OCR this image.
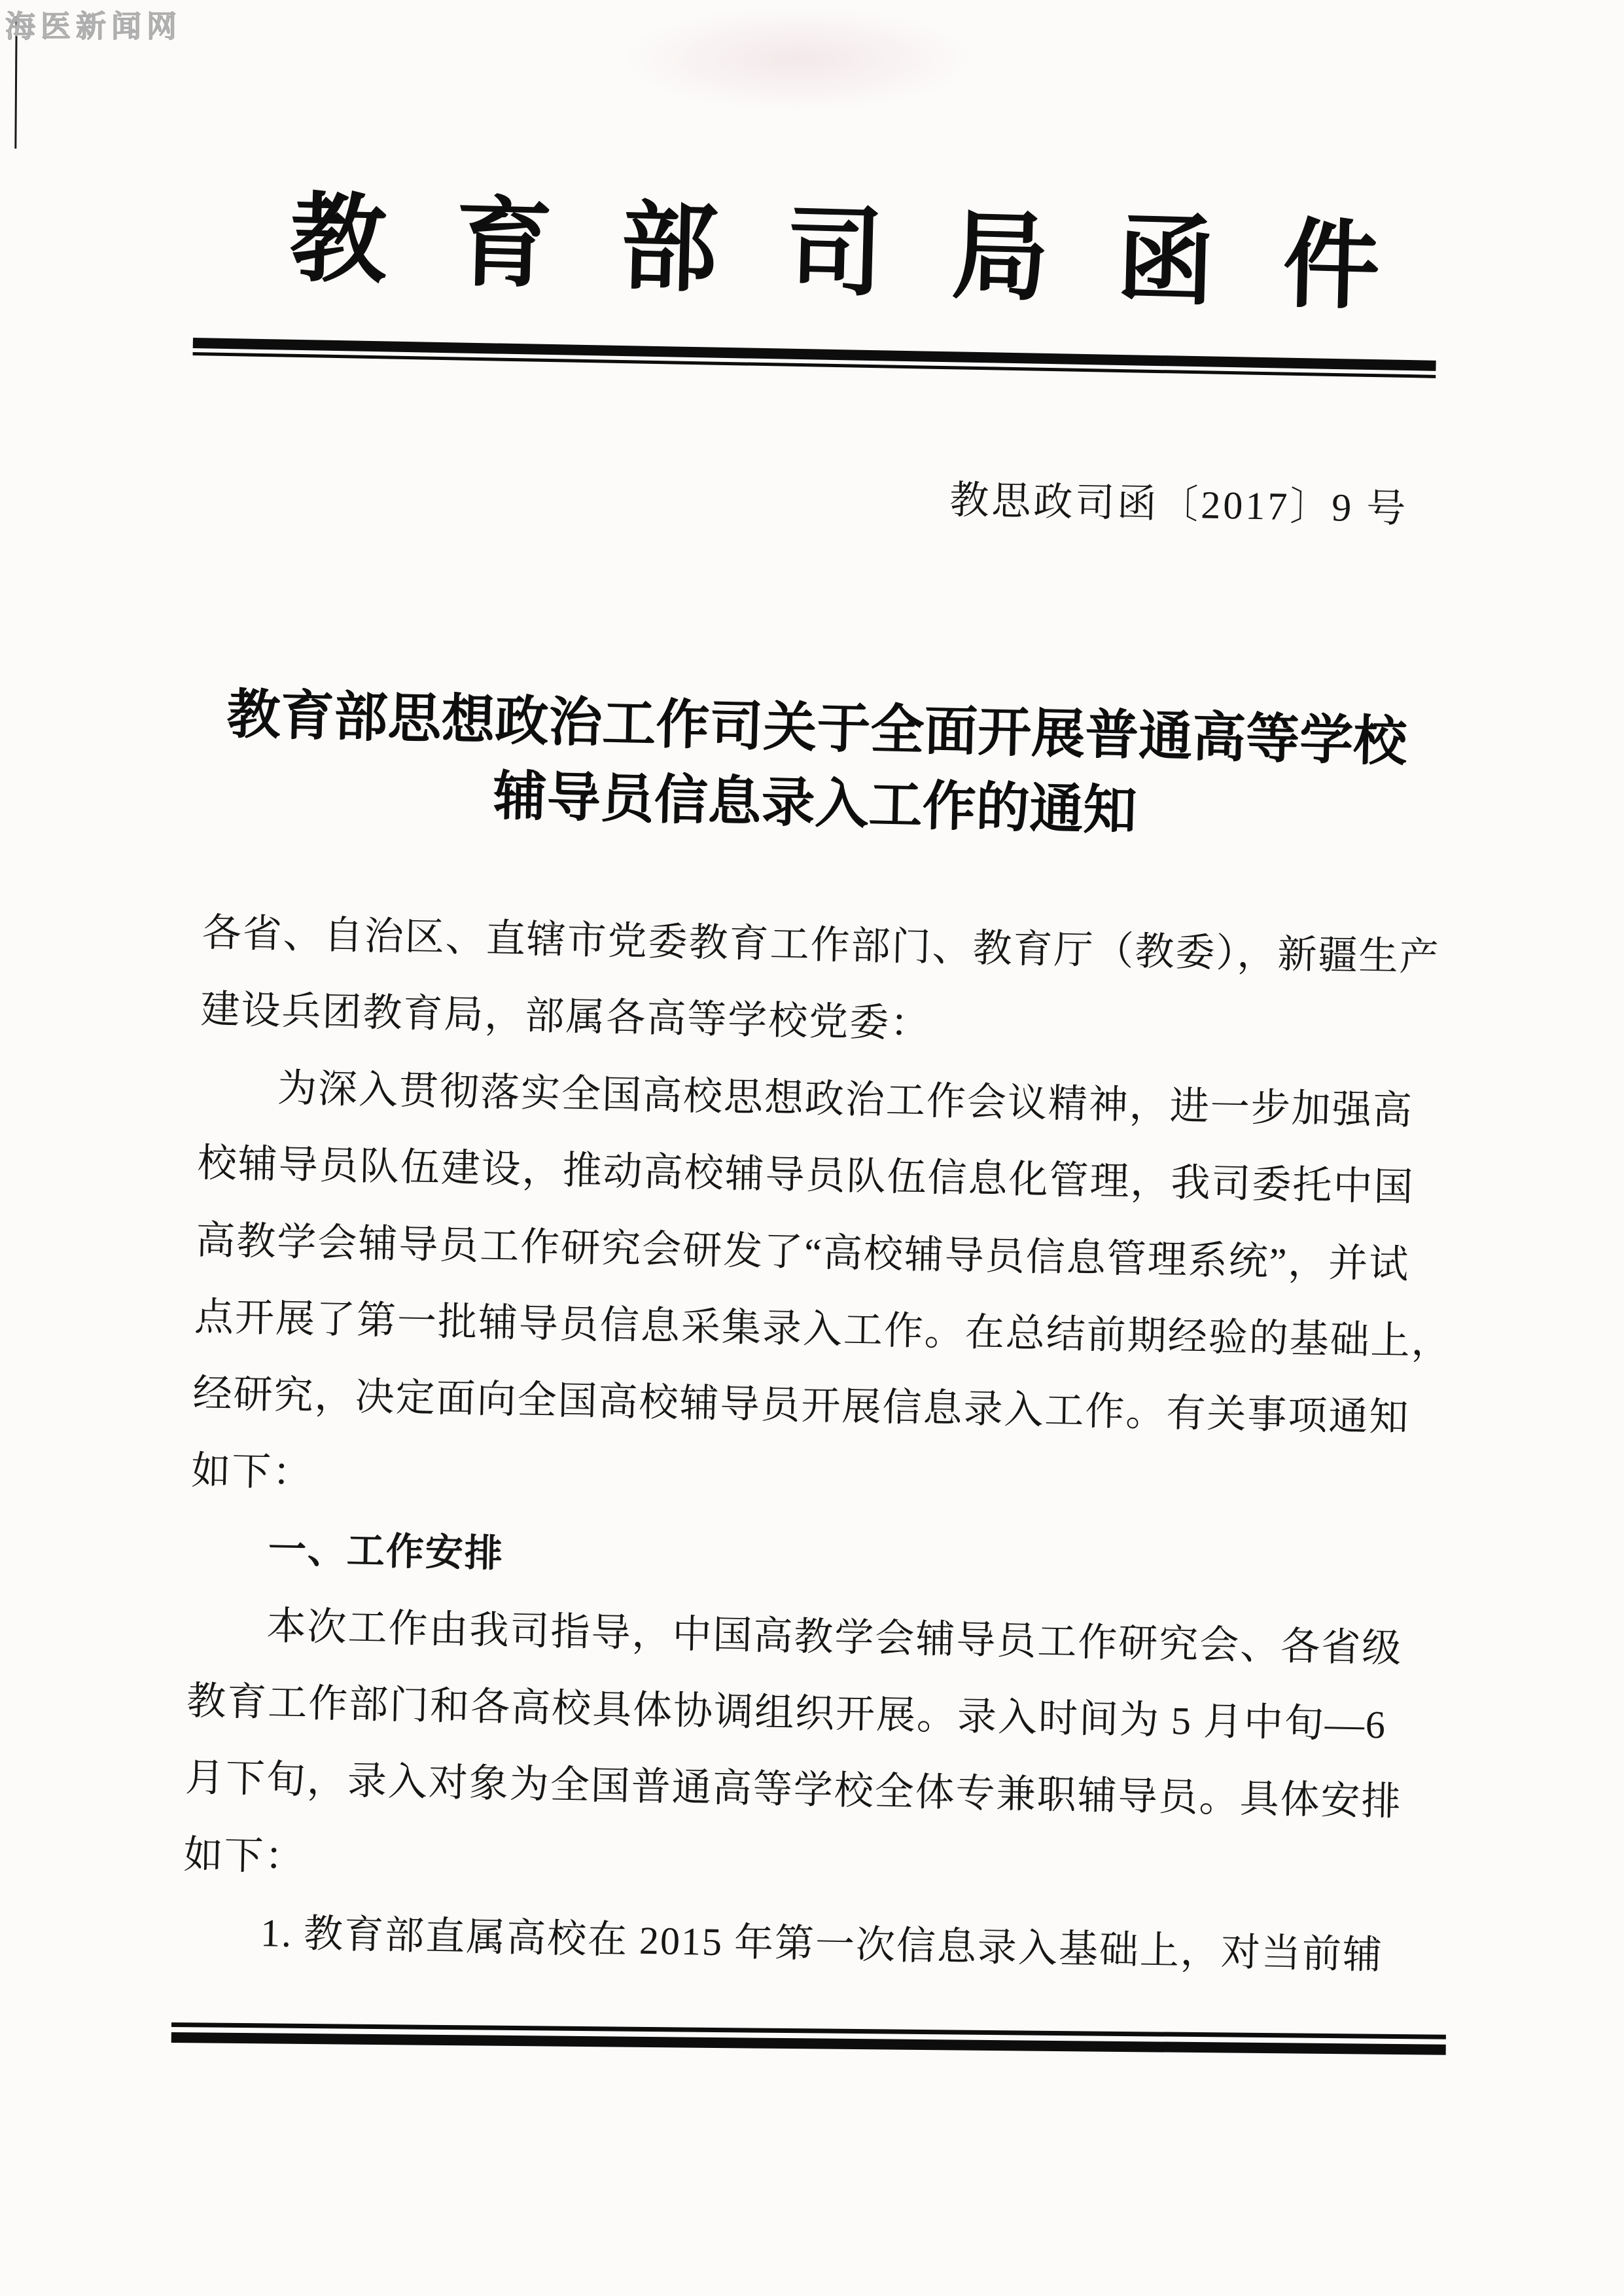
海医新闻网
教育部司局函件
教思政司函〔2017〕9 号
教育部思想政治工作司关于全面开展普通高等学校
辅导员信息录入工作的通知
各省、自治区、直辖市党委教育工作部门、教育厅（教委），新疆生产
建设兵团教育局，部属各高等学校党委：
为深入贯彻落实全国高校思想政治工作会议精神，进一步加强高
校辅导员队伍建设，推动高校辅导员队伍信息化管理，我司委托中国
高教学会辅导员工作研究会研发了“高校辅导员信息管理系统”，并试
点开展了第一批辅导员信息采集录入工作。在总结前期经验的基础上，
经研究，决定面向全国高校辅导员开展信息录入工作。有关事项通知
如下：
一、工作安排
本次工作由我司指导，中国高教学会辅导员工作研究会、各省级
教育工作部门和各高校具体协调组织开展。录入时间为 5 月中旬—6
月下旬，录入对象为全国普通高等学校全体专兼职辅导员。具体安排
如下：
1. 教育部直属高校在 2015 年第一次信息录入基础上，对当前辅
